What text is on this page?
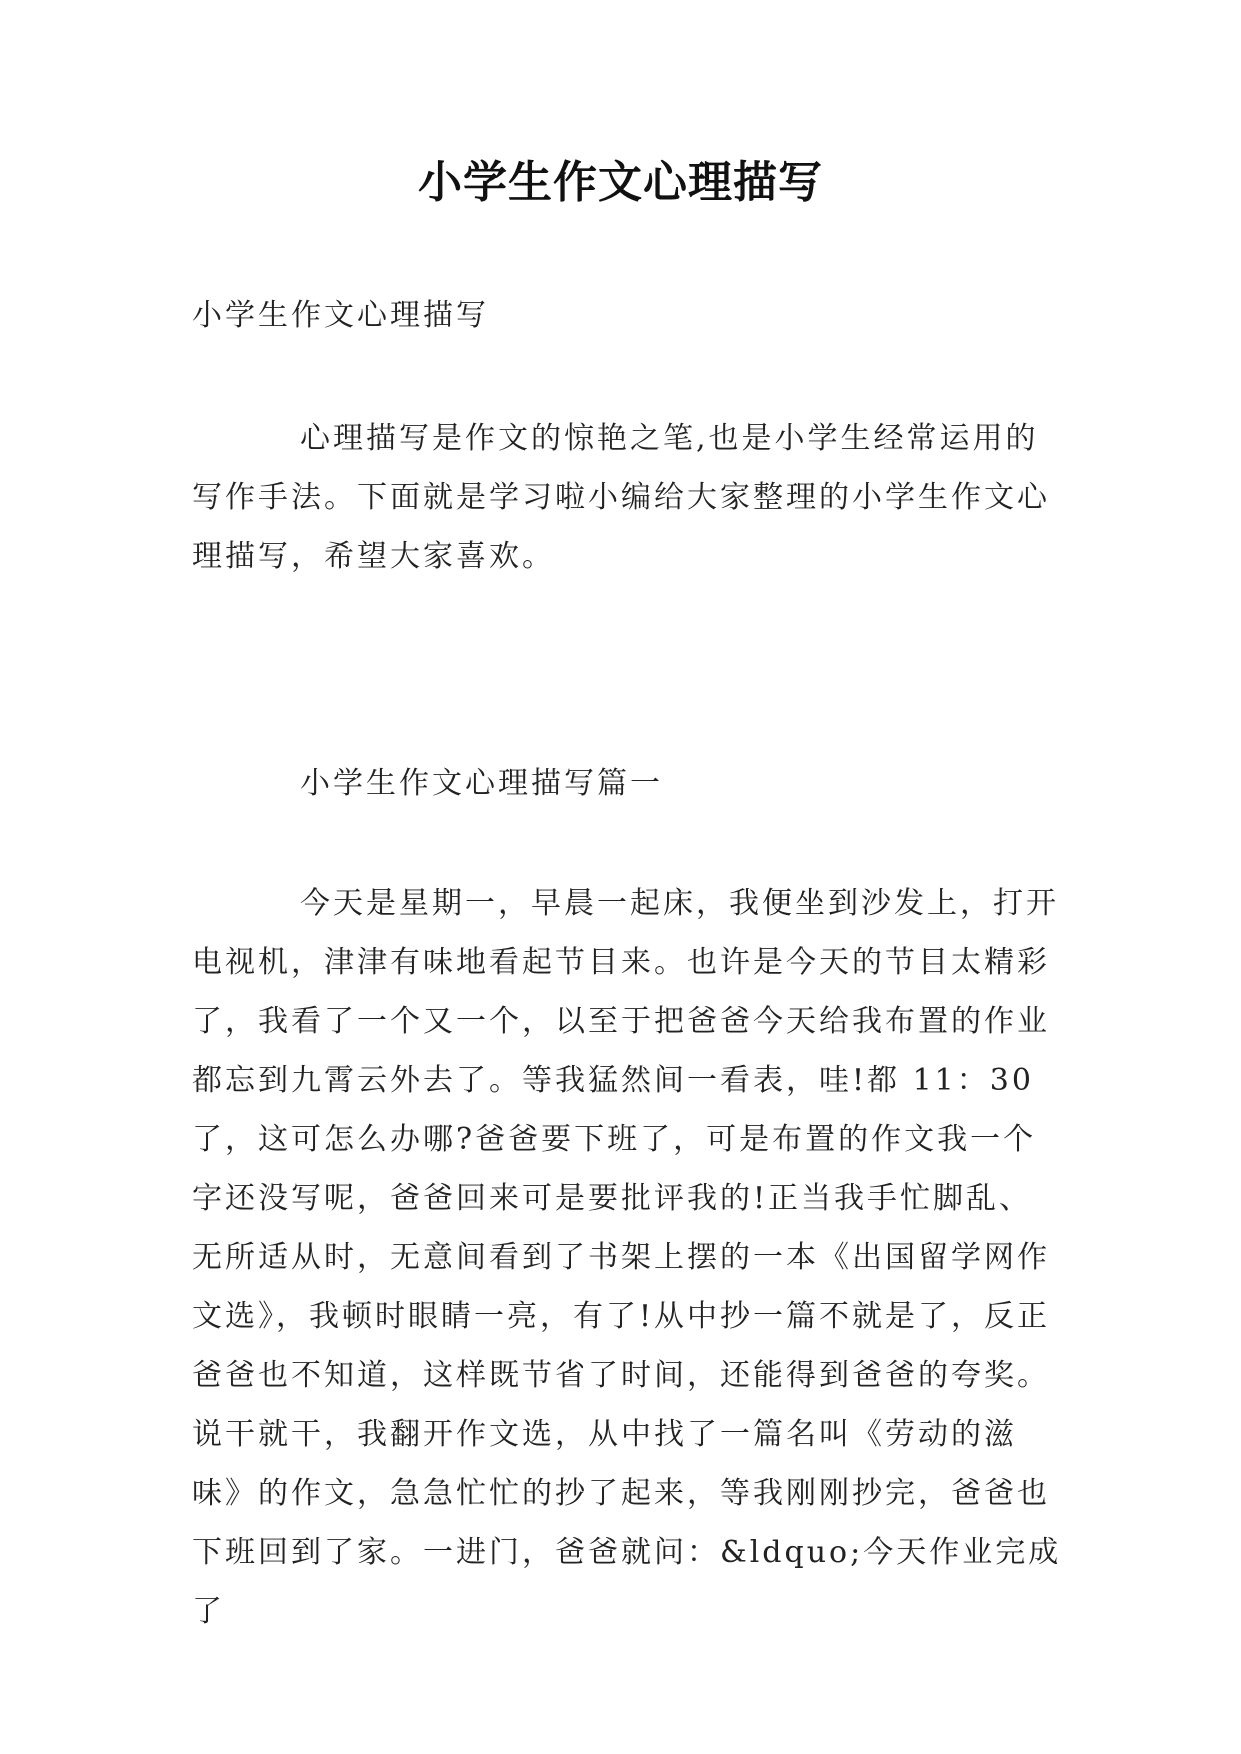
小学生作文心理描写
小学生作文心理描写

心理描写是作文的惊艳之笔,也是小学生经常运用的写作手法。下面就是学习啦小编给大家整理的小学生作文心理描写，希望大家喜欢。

小学生作文心理描写篇一

今天是星期一，早晨一起床，我便坐到沙发上，打开电视机，津津有味地看起节目来。也许是今天的节目太精彩了，我看了一个又一个，以至于把爸爸今天给我布置的作业都忘到九霄云外去了。等我猛然间一看表，哇!都 11：30 了，这可怎么办哪?爸爸要下班了，可是布置的作文我一个字还没写呢，爸爸回来可是要批评我的!正当我手忙脚乱、无所适从时，无意间看到了书架上摆的一本《出国留学网作文选》，我顿时眼睛一亮，有了!从中抄一篇不就是了，反正爸爸也不知道，这样既节省了时间，还能得到爸爸的夸奖。说干就干，我翻开作文选，从中找了一篇名叫《劳动的滋味》的作文，急急忙忙的抄了起来，等我刚刚抄完，爸爸也下班回到了家。一进门，爸爸就问：&ldquo;今天作业完成了
